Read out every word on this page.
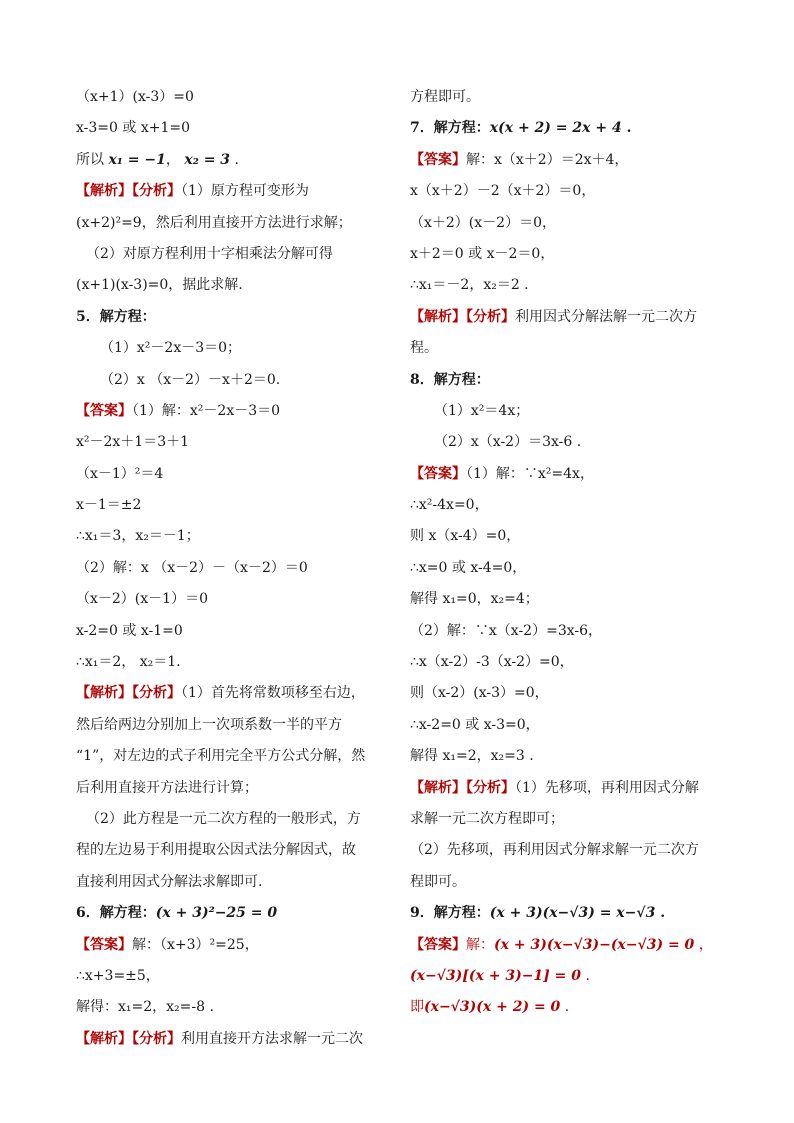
（x+1）(x-3）=0
x-3=0 或 x+1=0
所以 x₁ = −1， x₂ = 3 .
【解析】【分析】（1）原方程可变形为
(x+2)²=9，然后利用直接开方法进行求解；
（2）对原方程利用十字相乘法分解可得
(x+1)(x-3)=0，据此求解.
5．解方程：
（1）x²－2x－3＝0；
（2）x （x－2）－x＋2＝0.
【答案】（1）解：x²－2x－3＝0
x²－2x＋1＝3＋1
（x－1）²＝4
x－1＝±2
∴x₁＝3，x₂＝－1；
（2）解：x （x－2）－（x－2）＝0
（x－2）(x－1）＝0
x-2=0 或 x-1=0
∴x₁＝2， x₂＝1.
【解析】【分析】（1）首先将常数项移至右边，
然后给两边分别加上一次项系数一半的平方
“1”，对左边的式子利用完全平方公式分解，然
后利用直接开方法进行计算；
（2）此方程是一元二次方程的一般形式，方
程的左边易于利用提取公因式法分解因式，故
直接利用因式分解法求解即可.
6．解方程：(x + 3)²−25 = 0
【答案】解：（x+3）²=25，
∴x+3=±5，
解得：x₁=2，x₂=-8 .
【解析】【分析】利用直接开方法求解一元二次
方程即可。
7．解方程：x(x + 2) = 2x + 4 .
【答案】解：x（x＋2）＝2x＋4，
x（x＋2）－2（x＋2）＝0，
（x＋2）(x－2）＝0，
x＋2＝0 或 x－2＝0，
∴x₁＝－2，x₂＝2 .
【解析】【分析】利用因式分解法解一元二次方
程。
8．解方程：
（1）x²＝4x；
（2）x（x-2）＝3x-6 .
【答案】（1）解：∵x²=4x，
∴x²-4x=0，
则 x（x-4）=0，
∴x=0 或 x-4=0，
解得 x₁=0，x₂=4；
（2）解：∵x（x-2）=3x-6，
∴x（x-2）-3（x-2）=0，
则（x-2）(x-3）=0，
∴x-2=0 或 x-3=0，
解得 x₁=2，x₂=3 .
【解析】【分析】（1）先移项，再利用因式分解
求解一元二次方程即可；
（2）先移项，再利用因式分解求解一元二次方
程即可。
9．解方程：(x + 3)(x−√3) = x−√3 .
【答案】解：(x + 3)(x−√3)−(x−√3) = 0 ，
(x−√3)[(x + 3)−1] = 0 .
即(x−√3)(x + 2) = 0 .
